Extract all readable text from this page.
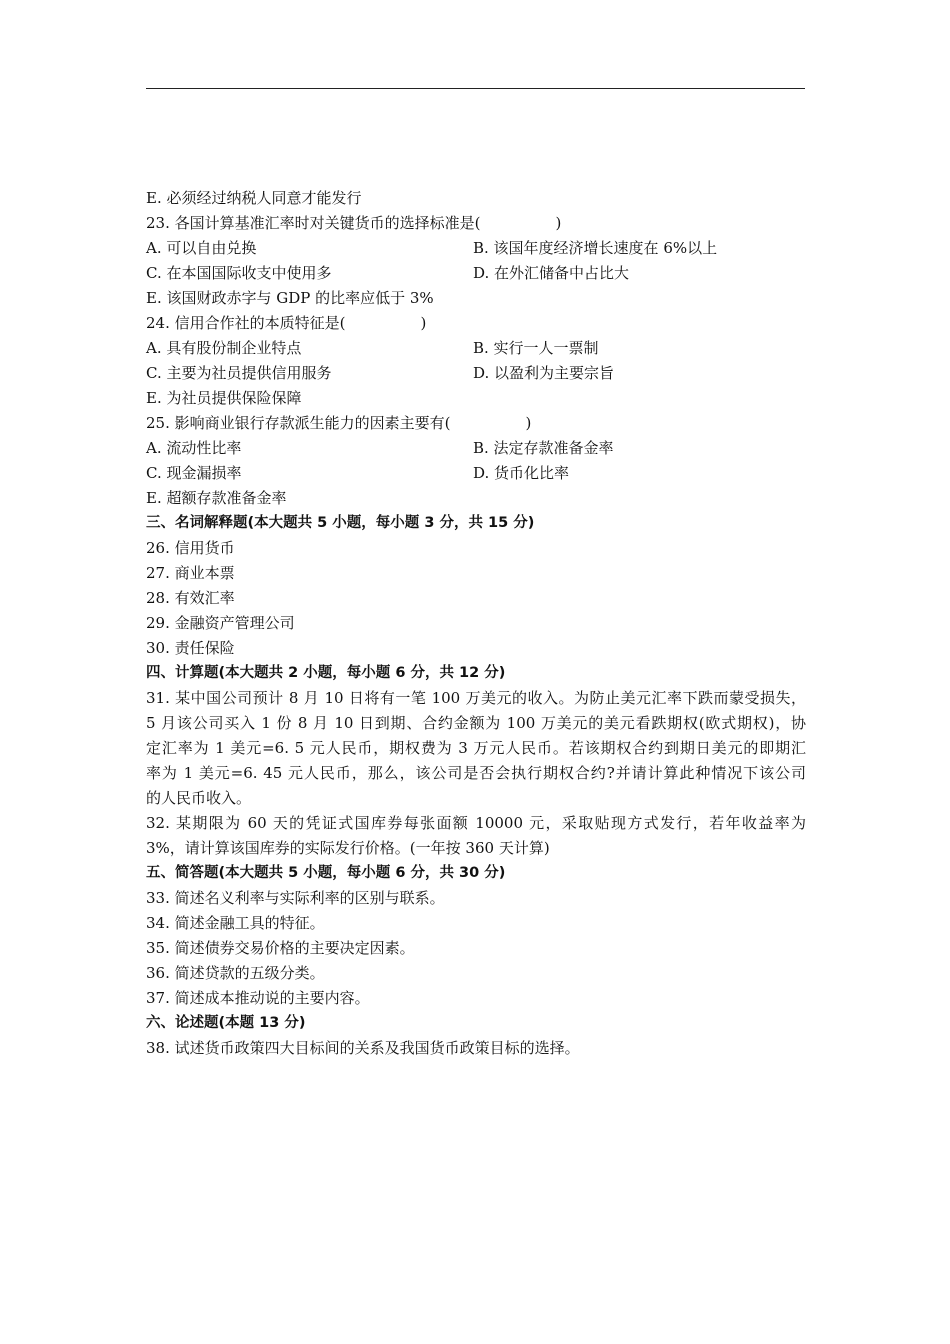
E. 必须经过纳税人同意才能发行
23. 各国计算基准汇率时对关键货币的选择标准是(　　　　　)
A. 可以自由兑换	B. 该国年度经济增长速度在 6%以上
C. 在本国国际收支中使用多	D. 在外汇储备中占比大
E. 该国财政赤字与 GDP 的比率应低于 3%
24. 信用合作社的本质特征是(　　　　　)
A. 具有股份制企业特点	B. 实行一人一票制
C. 主要为社员提供信用服务	D. 以盈利为主要宗旨
E. 为社员提供保险保障
25. 影响商业银行存款派生能力的因素主要有(　　　　　)
A. 流动性比率	B. 法定存款准备金率
C. 现金漏损率	D. 货币化比率
E. 超额存款准备金率
三、名词解释题(本大题共 5 小题，每小题 3 分，共 15 分)
26. 信用货币
27. 商业本票
28. 有效汇率
29. 金融资产管理公司
30. 责任保险
四、计算题(本大题共 2 小题，每小题 6 分，共 12 分)
31. 某中国公司预计 8 月 10 日将有一笔 100 万美元的收入。为防止美元汇率下跌而蒙受损失，
5 月该公司买入 1 份 8 月 10 日到期、合约金额为 100 万美元的美元看跌期权(欧式期权)，协
定汇率为 1 美元=6. 5 元人民币，期权费为 3 万元人民币。若该期权合约到期日美元的即期汇
率为 1 美元=6. 45 元人民币，那么，该公司是否会执行期权合约?并请计算此种情况下该公司
的人民币收入。
32. 某期限为 60 天的凭证式国库券每张面额 10000 元，采取贴现方式发行，若年收益率为
3%，请计算该国库券的实际发行价格。(一年按 360 天计算)
五、简答题(本大题共 5 小题，每小题 6 分，共 30 分)
33. 简述名义利率与实际利率的区别与联系。
34. 简述金融工具的特征。
35. 简述债券交易价格的主要决定因素。
36. 简述贷款的五级分类。
37. 简述成本推动说的主要内容。
六、论述题(本题 13 分)
38. 试述货币政策四大目标间的关系及我国货币政策目标的选择。
